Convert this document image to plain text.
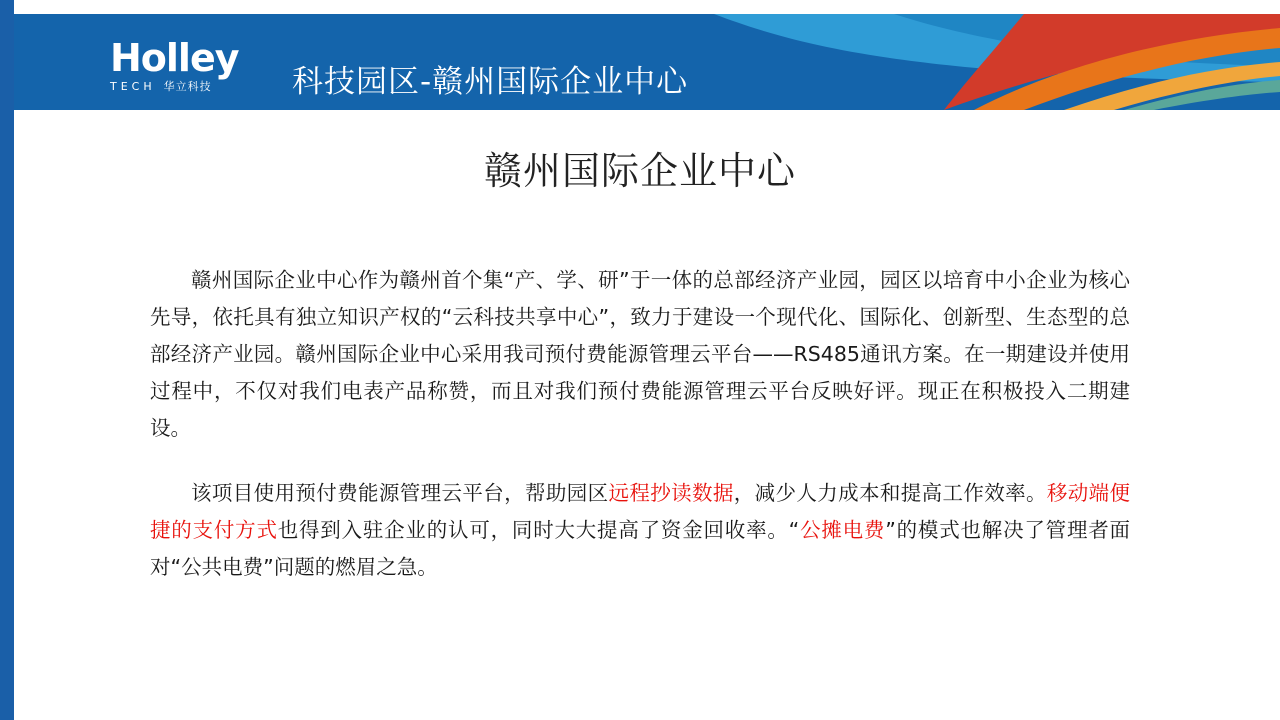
Holley
TECH 华立科技	科技园区-赣州国际企业中心
赣州国际企业中心

赣州国际企业中心作为赣州首个集“产、学、研”于一体的总部经济产业园，园区以培育中小企业为核心先导，依托具有独立知识产权的“云科技共享中心”，致力于建设一个现代化、国际化、创新型、生态型的总部经济产业园。赣州国际企业中心采用我司预付费能源管理云平台——RS485通讯方案。在一期建设并使用过程中，不仅对我们电表产品称赞，而且对我们预付费能源管理云平台反映好评。现正在积极投入二期建设。

该项目使用预付费能源管理云平台，帮助园区远程抄读数据，减少人力成本和提高工作效率。移动端便捷的支付方式也得到入驻企业的认可，同时大大提高了资金回收率。“公摊电费”的模式也解决了管理者面对“公共电费”问题的燃眉之急。
